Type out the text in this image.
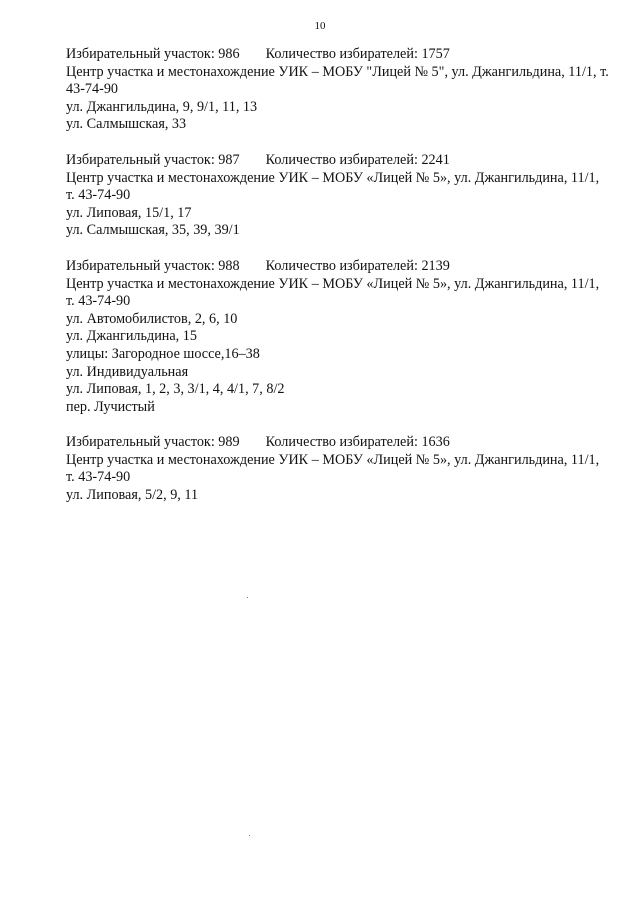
10
Избирательный участок: 986 Количество избирателей: 1757
Центр участка и местонахождение УИК – МОБУ "Лицей № 5", ул. Джангильдина, 11/1, т. 43-74-90
ул. Джангильдина, 9, 9/1, 11, 13
ул. Салмышская, 33
Избирательный участок: 987 Количество избирателей: 2241
Центр участка и местонахождение УИК – МОБУ «Лицей № 5», ул. Джангильдина, 11/1, т. 43-74-90
ул. Липовая, 15/1, 17
ул. Салмышская, 35, 39, 39/1
Избирательный участок: 988 Количество избирателей: 2139
Центр участка и местонахождение УИК – МОБУ «Лицей № 5», ул. Джангильдина, 11/1, т. 43-74-90
ул. Автомобилистов, 2, 6, 10
ул. Джангильдина, 15
улицы: Загородное шоссе,16–38
ул. Индивидуальная
ул. Липовая, 1, 2, 3, 3/1, 4, 4/1, 7, 8/2
пер. Лучистый
Избирательный участок: 989 Количество избирателей: 1636
Центр участка и местонахождение УИК – МОБУ «Лицей № 5», ул. Джангильдина, 11/1, т. 43-74-90
ул. Липовая, 5/2, 9, 11
